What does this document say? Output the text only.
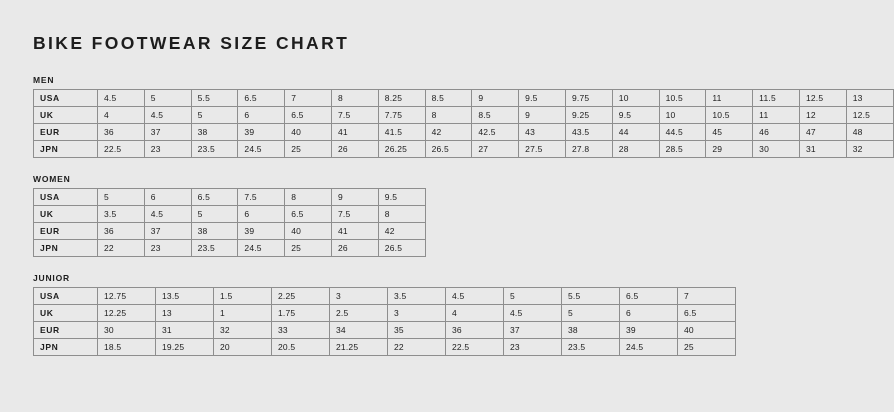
BIKE FOOTWEAR SIZE CHART
MEN
USA	4.5	5	5.5	6.5	7	8	8.25	8.5	9	9.5	9.75	10	10.5	11	11.5	12.5	13
UK	4	4.5	5	6	6.5	7.5	7.75	8	8.5	9	9.25	9.5	10	10.5	11	12	12.5
EUR	36	37	38	39	40	41	41.5	42	42.5	43	43.5	44	44.5	45	46	47	48
JPN	22.5	23	23.5	24.5	25	26	26.25	26.5	27	27.5	27.8	28	28.5	29	30	31	32
WOMEN
USA	5	6	6.5	7.5	8	9	9.5
UK	3.5	4.5	5	6	6.5	7.5	8
EUR	36	37	38	39	40	41	42
JPN	22	23	23.5	24.5	25	26	26.5
JUNIOR
USA	12.75	13.5	1.5	2.25	3	3.5	4.5	5	5.5	6.5	7
UK	12.25	13	1	1.75	2.5	3	4	4.5	5	6	6.5
EUR	30	31	32	33	34	35	36	37	38	39	40
JPN	18.5	19.25	20	20.5	21.25	22	22.5	23	23.5	24.5	25
